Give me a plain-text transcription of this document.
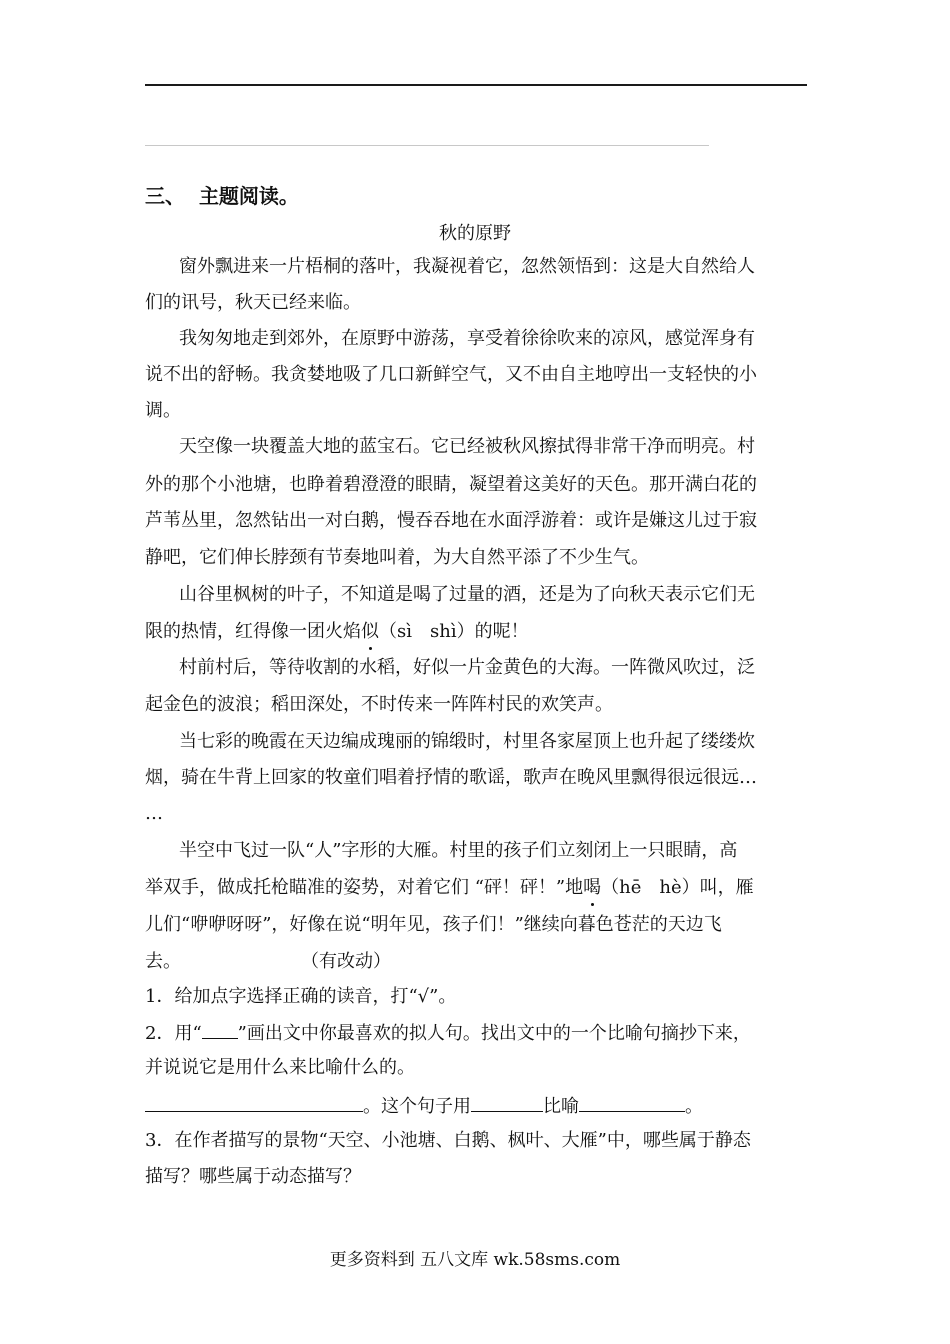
三、 主题阅读。
秋的原野
窗外飘进来一片梧桐的落叶，我凝视着它，忽然领悟到：这是大自然给人
们的讯号，秋天已经来临。
我匆匆地走到郊外，在原野中游荡，享受着徐徐吹来的凉风，感觉浑身有
说不出的舒畅。我贪婪地吸了几口新鲜空气，又不由自主地哼出一支轻快的小
调。
天空像一块覆盖大地的蓝宝石。它已经被秋风擦拭得非常干净而明亮。村
外的那个小池塘，也睁着碧澄澄的眼睛，凝望着这美好的天色。那开满白花的
芦苇丛里，忽然钻出一对白鹅，慢吞吞地在水面浮游着：或许是嫌这儿过于寂
静吧，它们伸长脖颈有节奏地叫着，为大自然平添了不少生气。
山谷里枫树的叶子，不知道是喝了过量的酒，还是为了向秋天表示它们无
限的热情，红得像一团火焰似（sì　shì）的呢！
村前村后，等待收割的水稻，好似一片金黄色的大海。一阵微风吹过，泛
起金色的波浪；稻田深处，不时传来一阵阵村民的欢笑声。
当七彩的晚霞在天边编成瑰丽的锦缎时，村里各家屋顶上也升起了缕缕炊
烟，骑在牛背上回家的牧童们唱着抒情的歌谣，歌声在晚风里飘得很远很远…
…
半空中飞过一队“人”字形的大雁。村里的孩子们立刻闭上一只眼睛，高
举双手，做成托枪瞄准的姿势，对着它们 “砰！砰！”地喝（hē　hè）叫，雁
儿们“咿咿呀呀”，好像在说“明年见，孩子们！”继续向暮色苍茫的天边飞
去。	（有改动）
1．给加点字选择正确的读音，打“√”。
2．用“ ”画出文中你最喜欢的拟人句。找出文中的一个比喻句摘抄下来，
并说说它是用什么来比喻什么的。
。这个句子用	比喻	。
3．在作者描写的景物“天空、小池塘、白鹅、枫叶、大雁”中，哪些属于静态
描写？哪些属于动态描写？
更多资料到 五八文库 wk.58sms.com
